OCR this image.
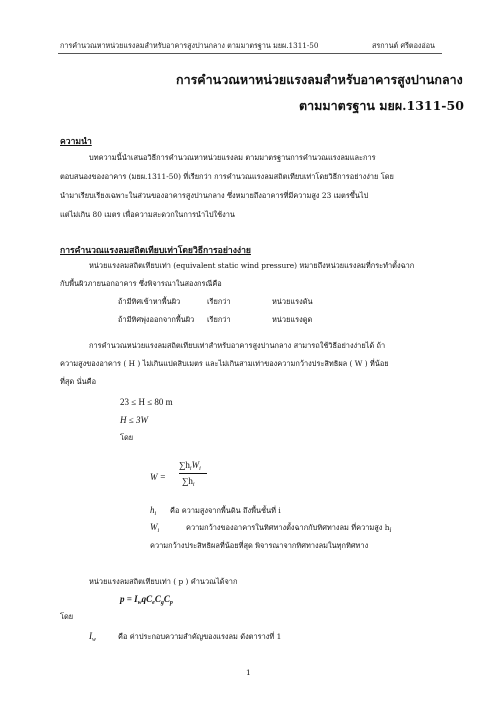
การคำนวณหาหน่วยแรงลมสำหรับอาคารสูงปานกลาง ตามมาตรฐาน มยผ.1311-50	สรกานต์ ศรีตองอ่อน
การคำนวณหาหน่วยแรงลมสำหรับอาคารสูงปานกลาง
ตามมาตรฐาน มยผ.1311-50
ความนำ
บทความนี้นำเสนอวิธีการคำนวณหาหน่วยแรงลม ตามมาตรฐานการคำนวณแรงลมและการ
ตอบสนองของอาคาร (มยผ.1311-50) ที่เรียกว่า การคำนวณแรงลมสถิตเทียบเท่าโดยวิธีการอย่างง่าย โดย
นำมาเรียบเรียงเฉพาะในส่วนของอาคารสูงปานกลาง ซึ่งหมายถึงอาคารที่มีความสูง 23 เมตรขึ้นไป
แต่ไม่เกิน 80 เมตร เพื่อความสะดวกในการนำไปใช้งาน
การคำนวณแรงลมสถิตเทียบเท่าโดยวิธีการอย่างง่าย
หน่วยแรงลมสถิตเทียบเท่า (equivalent static wind pressure) หมายถึงหน่วยแรงลมที่กระทำตั้งฉาก
กับพื้นผิวภายนอกอาคาร ซึ่งพิจารณาในสองกรณีคือ
ถ้ามีทิศเข้าหาพื้นผิว	เรียกว่า	หน่วยแรงดัน
ถ้ามีทิศพุ่งออกจากพื้นผิว เรียกว่า	หน่วยแรงดูด
การคำนวณหน่วยแรงลมสถิตเทียบเท่าสำหรับอาคารสูงปานกลาง สามารถใช้วิธีอย่างง่ายได้ ถ้า
ความสูงของอาคาร ( H ) ไม่เกินแปดสิบเมตร และไม่เกินสามเท่าของความกว้างประสิทธิผล ( W ) ที่น้อย
ที่สุด นั่นคือ
23 ≤ H ≤ 80 m
H ≤ 3W
โดย
W =
$\sum h_iW_i$
$\sum h_i$
$h_i$ คือ ความสูงจากพื้นดิน ถึงพื้นชั้นที่ i
$W_i$	ความกว้างของอาคารในทิศทางตั้งฉากกับทิศทางลม ที่ความสูง $h_i$
ความกว้างประสิทธิผลที่น้อยที่สุด พิจารณาจากทิศทางลมในทุกทิศทาง
หน่วยแรงลมสถิตเทียบเท่า ( p ) คำนวณได้จาก
$p = I_wqC_eC_gC_p$
โดย
$I_w$	คือ ค่าประกอบความสำคัญของแรงลม ดังตารางที่ 1
1
